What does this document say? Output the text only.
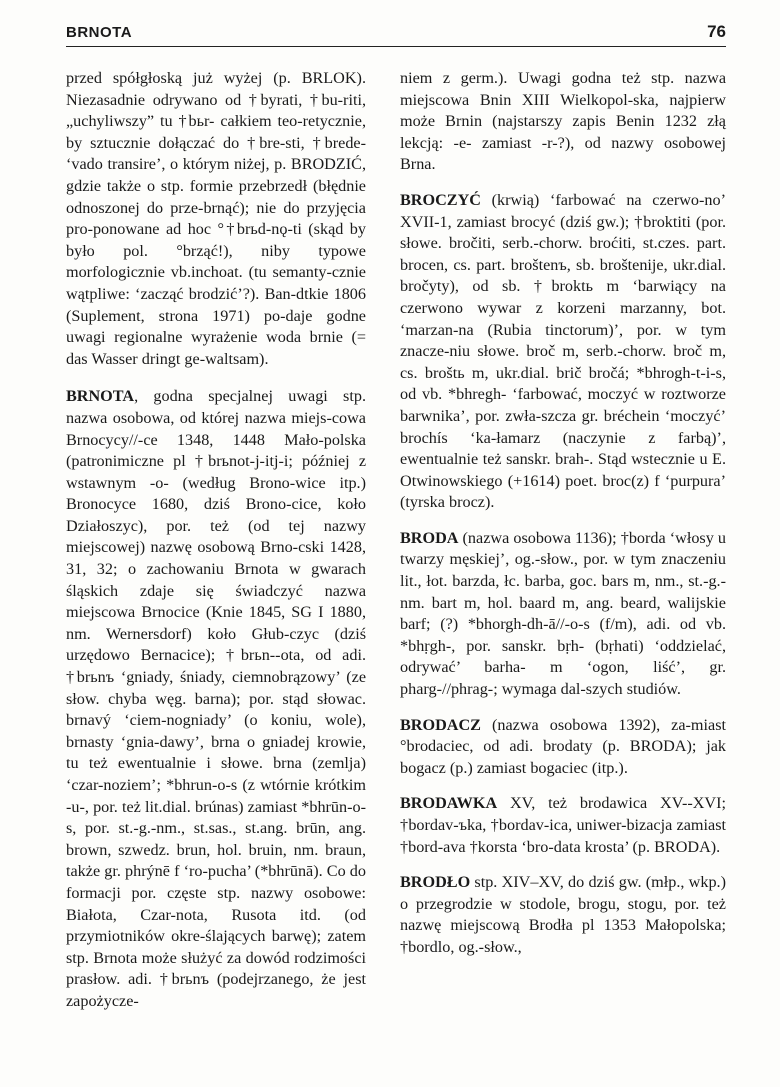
BRNOTA	76

przed spółgłoską już wyżej (p. BRLOK). Niezasadnie odrywano od †byrati, †bu-riti, „uchyliwszy” tu †bьr- całkiem teo-retycznie, by sztucznie dołączać do †bre-sti, †brede- ‘vado transire’, o którym niżej, p. BRODZIĆ, gdzie także o stp. formie przebrzedł (błędnie odnoszonej do prze-brnąć); nie do przyjęcia pro-ponowane ad hoc °†brьd-nǫ-ti (skąd by było pol. °brząć!), niby typowe morfologicznie vb.inchoat. (tu semanty-cznie wątpliwe: ‘zacząć brodzić’?). Ban-dtkie 1806 (Suplement, strona 1971) po-daje godne uwagi regionalne wyrażenie woda brnie (= das Wasser dringt ge-waltsam).

BRNOTA, godna specjalnej uwagi stp. nazwa osobowa, od której nazwa miejs-cowa Brnocycy//-ce 1348, 1448 Mało-polska (patronimiczne pl †brьnot-j-itj-i; później z wstawnym -o- (według Brono-wice itp.) Bronocyce 1680, dziś Brono-cice, koło Działoszyc), por. też (od tej nazwy miejscowej) nazwę osobową Brno-cski 1428, 31, 32; o zachowaniu Brnota w gwarach śląskich zdaje się świadczyć nazwa miejscowa Brnocice (Knie 1845, SG I 1880, nm. Wernersdorf) koło Głub-czyc (dziś urzędowo Bernacice); †brьn--ota, od adi. †brьnъ ‘gniady, śniady, ciemnobrązowy’ (ze słow. chyba węg. barna); por. stąd słowac. brnavý ‘ciem-nogniady’ (o koniu, wole), brnasty ‘gnia-dawy’, brna o gniadej krowie, tu też ewentualnie i słowe. brna (zemlja) ‘czar-noziem’; *bhrun-o-s (z wtórnie krótkim -u-, por. też lit.dial. brúnas) zamiast *bhrūn-o-s, por. st.-g.-nm., st.sas., st.ang. brūn, ang. brown, szwedz. brun, hol. bruin, nm. braun, także gr. phrýnē f ‘ro-pucha’ (*bhrūnā). Co do formacji por. częste stp. nazwy osobowe: Białota, Czar-nota, Rusota itd. (od przymiotników okre-ślających barwę); zatem stp. Brnota może służyć za dowód rodzimości prasłow. adi. †brьnъ (podejrzanego, że jest zapożycze-

niem z germ.). Uwagi godna też stp. nazwa miejscowa Bnin XIII Wielkopol-ska, najpierw może Brnin (najstarszy zapis Benin 1232 złą lekcją: -e- zamiast -r-?), od nazwy osobowej Brna.

BROCZYĆ (krwią) ‘farbować na czerwo-no’ XVII-1, zamiast brocyć (dziś gw.); †broktiti (por. słowe. bročiti, serb.-chorw. broćiti, st.czes. part. brocen, cs. part. broštenъ, sb. broštenije, ukr.dial. bročyty), od sb. †broktь m ‘barwiący na czerwono wywar z korzeni marzanny, bot. ‘marzan-na (Rubia tinctorum)’, por. w tym znacze-niu słowe. broč m, serb.-chorw. broč m, cs. broštь m, ukr.dial. brič bročá; *bhrogh-t-i-s, od vb. *bhregh- ‘farbować, moczyć w roztworze barwnika’, por. zwła-szcza gr. bréchein ‘moczyć’ brochís ‘ka-łamarz (naczynie z farbą)’, ewentualnie też sanskr. brah-. Stąd wstecznie u E. Otwinowskiego (+1614) poet. broc(z) f ‘purpura’ (tyrska brocz).

BRODA (nazwa osobowa 1136); †borda ‘włosy u twarzy męskiej’, og.-słow., por. w tym znaczeniu lit., łot. barzda, łc. barba, goc. bars m, nm., st.-g.-nm. bart m, hol. baard m, ang. beard, walijskie barf; (?) *bhorgh-dh-ā//-o-s (f/m), adi. od vb. *bhṛgh-, por. sanskr. bṛh- (bṛhati) ‘oddzielać, odrywać’ barha- m ‘ogon, liść’, gr. pharg-//phrag-; wymaga dal-szych studiów.

BRODACZ (nazwa osobowa 1392), za-miast °brodaciec, od adi. brodaty (p. BRODA); jak bogacz (p.) zamiast bogaciec (itp.).

BRODAWKA XV, też brodawica XV--XVI; †bordav-ъka, †bordav-ica, uniwer-bizacja zamiast †bord-ava †korsta ‘bro-data krosta’ (p. BRODA).

BRODŁO stp. XIV–XV, do dziś gw. (młp., wkp.) o przegrodzie w stodole, brogu, stogu, por. też nazwę miejscową Brodła pl 1353 Małopolska; †bordlo, og.-słow.,
